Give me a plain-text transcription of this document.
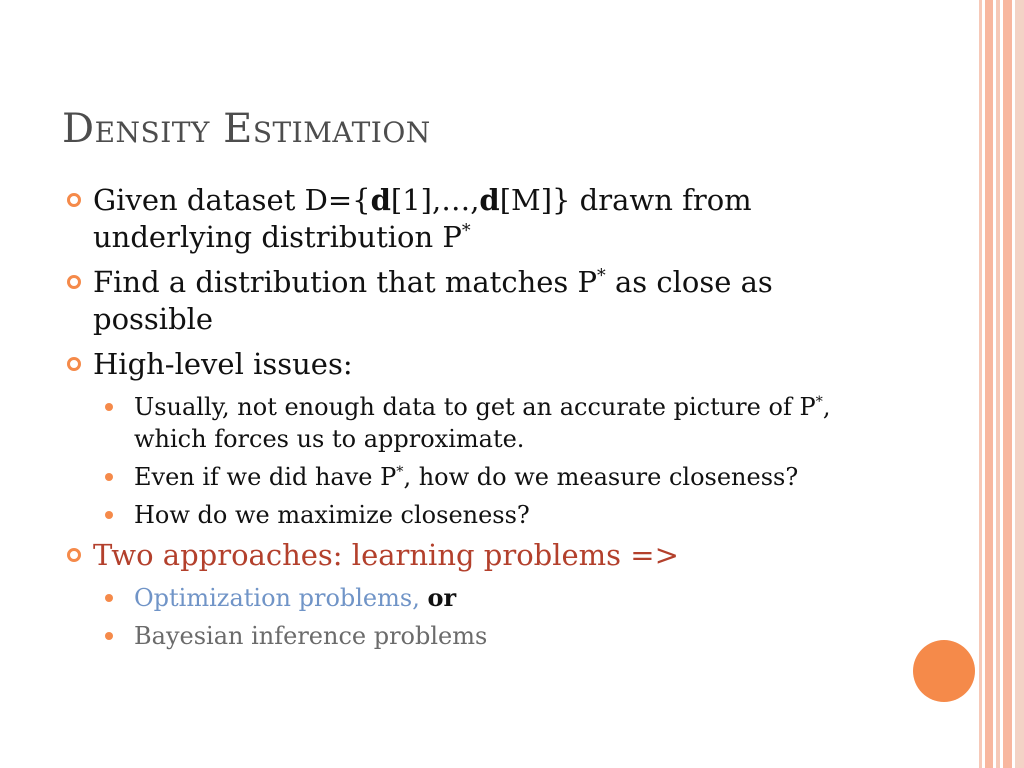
Density Estimation
Given dataset D={d[1],…,d[M]} drawn from underlying distribution P*
Find a distribution that matches P* as close as possible
High-level issues:
Usually, not enough data to get an accurate picture of P*, which forces us to approximate.
Even if we did have P*, how do we measure closeness?
How do we maximize closeness?
Two approaches: learning problems =>
Optimization problems, or
Bayesian inference problems
